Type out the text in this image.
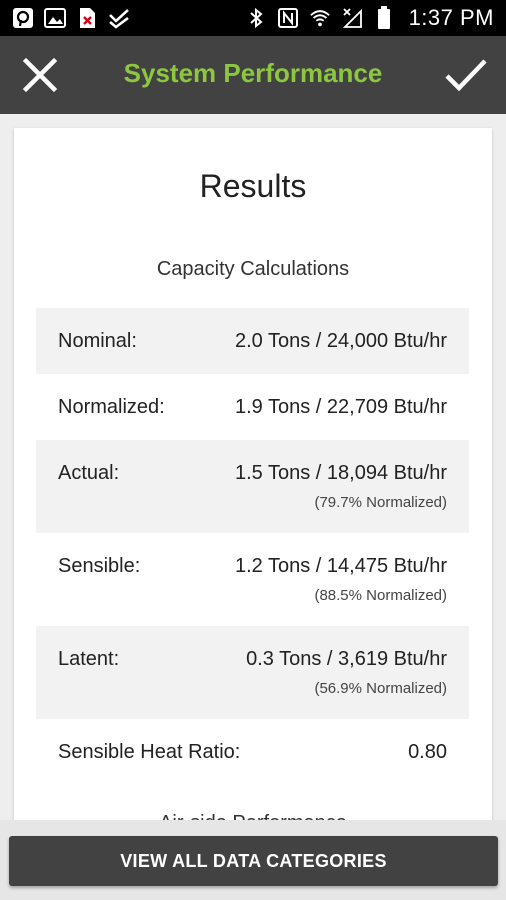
1:37 PM
System Performance
Results
Capacity Calculations
Nominal:	2.0 Tons / 24,000 Btu/hr
Normalized:	1.9 Tons / 22,709 Btu/hr
Actual:	1.5 Tons / 18,094 Btu/hr
(79.7% Normalized)
Sensible:	1.2 Tons / 14,475 Btu/hr
(88.5% Normalized)
Latent:	0.3 Tons / 3,619 Btu/hr
(56.9% Normalized)
Sensible Heat Ratio:	0.80
VIEW ALL DATA CATEGORIES
